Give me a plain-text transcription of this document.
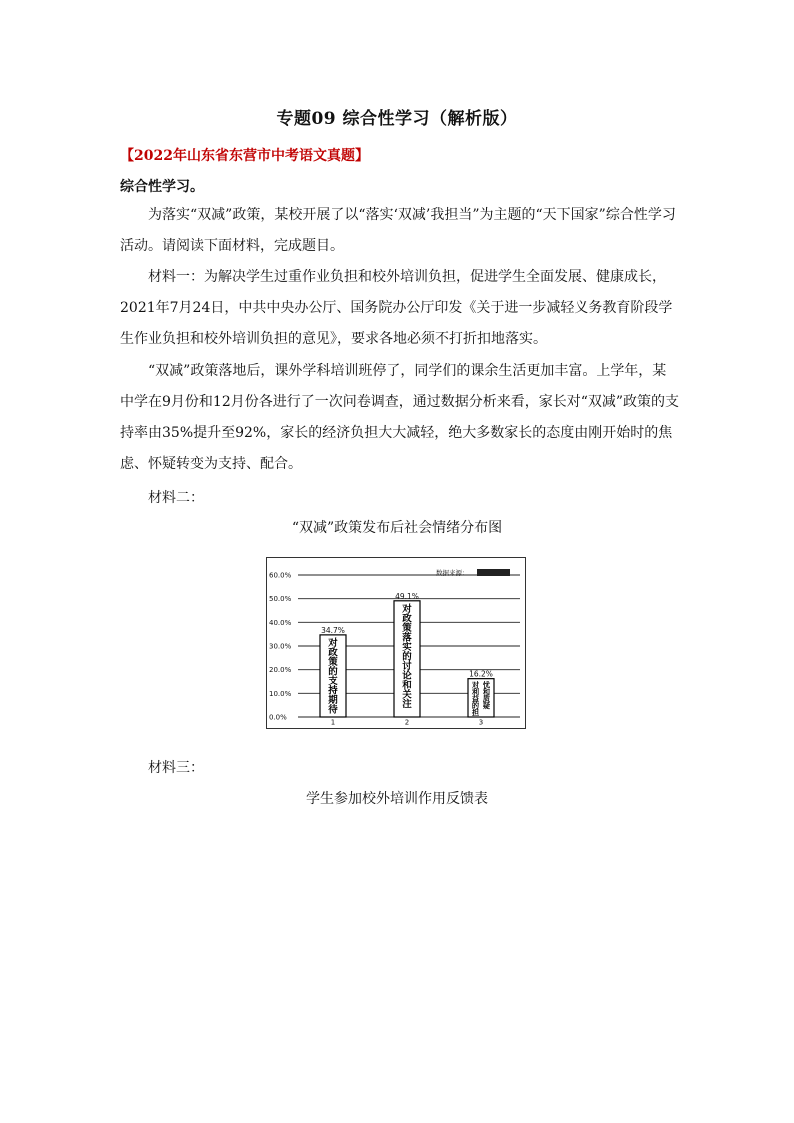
专题09 综合性学习（解析版）
【2022年山东省东营市中考语文真题】
综合性学习。

为落实“双减”政策，某校开展了以“落实‘双减’我担当”为主题的“天下国家”综合性学习活动。请阅读下面材料，完成题目。

材料一：为解决学生过重作业负担和校外培训负担，促进学生全面发展、健康成长，2021年7月24日，中共中央办公厅、国务院办公厅印发《关于进一步减轻义务教育阶段学生作业负担和校外培训负担的意见》，要求各地必须不打折扣地落实。

“双减”政策落地后，课外学科培训班停了，同学们的课余生活更加丰富。上学年，某中学在9月份和12月份各进行了一次问卷调查，通过数据分析来看，家长对“双减”政策的支持率由35%提升至92%，家长的经济负担大大减轻，绝大多数家长的态度由刚开始时的焦虑、怀疑转变为支持、配合。

材料二：
“双减”政策发布后社会情绪分布图
0.0%
10.0%
20.0%
30.0%
40.0%
50.0%
60.0%	数据来源：
34.7%
对
政
策
的
支
持
期
待
1
49.1%
对
政
策
落
实
的
讨
论
和
关
注
2
16.2%
对
利
益
的
担
忧
和
质
疑
3
材料三：
学生参加校外培训作用反馈表
